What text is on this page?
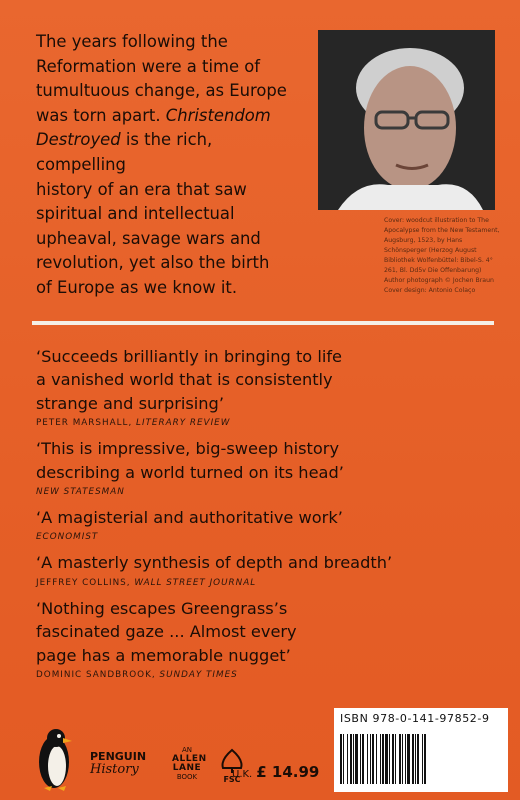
The years following the
Reformation were a time of
tumultuous change, as Europe
was torn apart. Christendom
Destroyed is the rich, compelling
history of an era that saw
spiritual and intellectual
upheaval, savage wars and
revolution, yet also the birth
of Europe as we know it.
Cover: woodcut illustration to The Apocalypse from the New Testament, Augsburg, 1523, by Hans Schönsperger (Herzog August Bibliothek Wolfenbüttel: Bibel-S. 4° 261, Bl. Dd5v Die Offenbarung) Author photograph © Jochen Braun Cover design: Antonio Colaço
‘Succeeds brilliantly in bringing to life
a vanished world that is consistently
strange and surprising’
PETER MARSHALL, LITERARY REVIEW
‘This is impressive, big-sweep history
describing a world turned on its head’
NEW STATESMAN
‘A magisterial and authoritative work’
ECONOMIST
‘A masterly synthesis of depth and breadth’
JEFFREY COLLINS, WALL STREET JOURNAL
‘Nothing escapes Greengrass’s
fascinated gaze ... Almost every
page has a memorable nugget’
DOMINIC SANDBROOK, SUNDAY TIMES
PENGUIN
History
AN
ALLEN
LANE
BOOK	FSC
U.K. £ 14.99
ISBN 978-0-141-97852-9
